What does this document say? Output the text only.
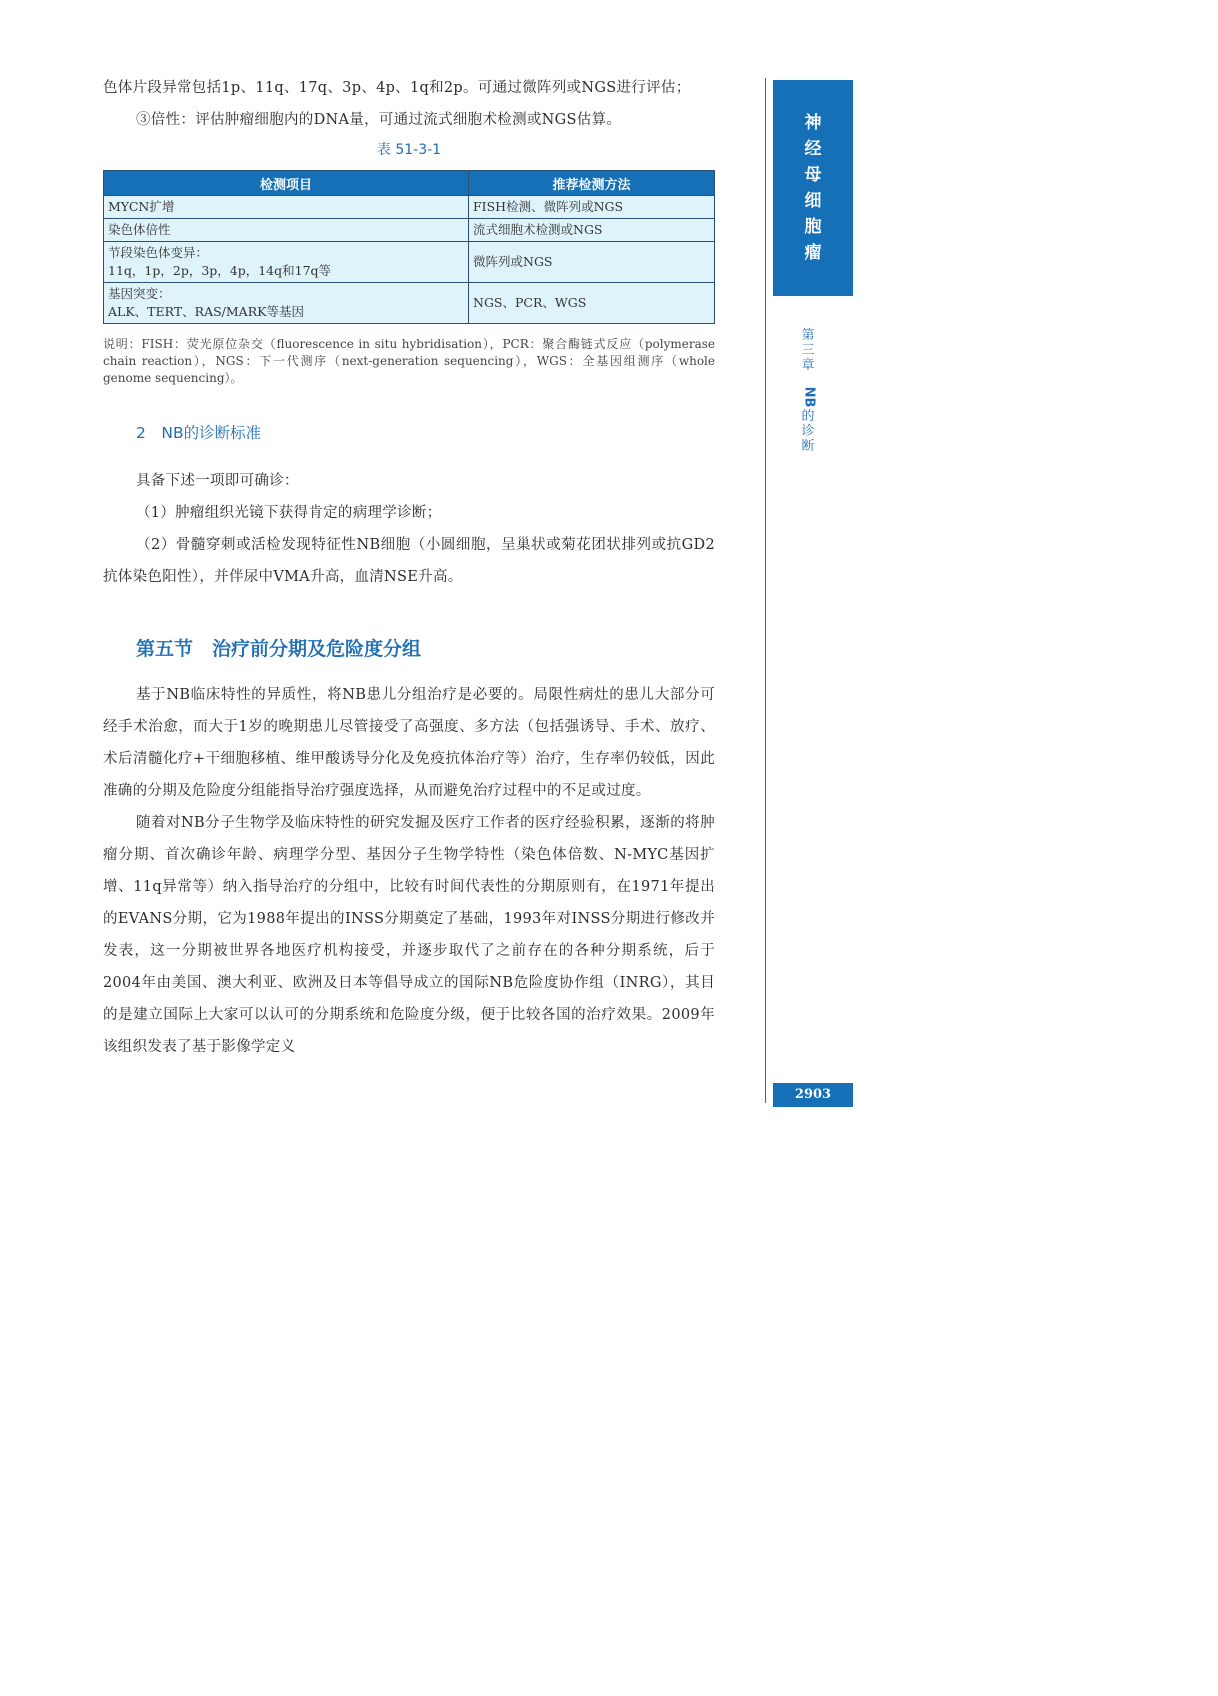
色体片段异常包括1p、11q、17q、3p、4p、1q和2p。可通过微阵列或NGS进行评估；

③倍性：评估肿瘤细胞内的DNA量，可通过流式细胞术检测或NGS估算。

表 51-3-1
检测项目	推荐检测方法
MYCN扩增	FISH检测、微阵列或NGS
染色体倍性	流式细胞术检测或NGS

节段染色体变异：
11q，1p，2p，3p，4p，14q和17q等	微阵列或NGS

基因突变：
ALK、TERT、RAS/MARK等基因	NGS、PCR、WGS
说明：FISH：荧光原位杂交（fluorescence in situ hybridisation），PCR：聚合酶链式反应（polymerase chain reaction），NGS：下一代测序（next-generation sequencing），WGS：全基因组测序（whole genome sequencing）。
2　NB的诊断标准

具备下述一项即可确诊：

（1）肿瘤组织光镜下获得肯定的病理学诊断；

（2）骨髓穿刺或活检发现特征性NB细胞（小圆细胞，呈巢状或菊花团状排列或抗GD2抗体染色阳性），并伴尿中VMA升高，血清NSE升高。

第五节　治疗前分期及危险度分组

基于NB临床特性的异质性，将NB患儿分组治疗是必要的。局限性病灶的患儿大部分可经手术治愈，而大于1岁的晚期患儿尽管接受了高强度、多方法（包括强诱导、手术、放疗、术后清髓化疗+干细胞移植、维甲酸诱导分化及免疫抗体治疗等）治疗，生存率仍较低，因此准确的分期及危险度分组能指导治疗强度选择，从而避免治疗过程中的不足或过度。

随着对NB分子生物学及临床特性的研究发掘及医疗工作者的医疗经验积累，逐渐的将肿瘤分期、首次确诊年龄、病理学分型、基因分子生物学特性（染色体倍数、N-MYC基因扩增、11q异常等）纳入指导治疗的分组中，比较有时间代表性的分期原则有，在1971年提出的EVANS分期，它为1988年提出的INSS分期奠定了基础，1993年对INSS分期进行修改并发表，这一分期被世界各地医疗机构接受，并逐步取代了之前存在的各种分期系统，后于2004年由美国、澳大利亚、欧洲及日本等倡导成立的国际NB危险度协作组（INRG），其目的是建立国际上大家可以认可的分期系统和危险度分级，便于比较各国的治疗效果。2009年该组织发表了基于影像学定义

神
经
母
细
胞
瘤
第
三
章
NB
的
诊
断
2903
